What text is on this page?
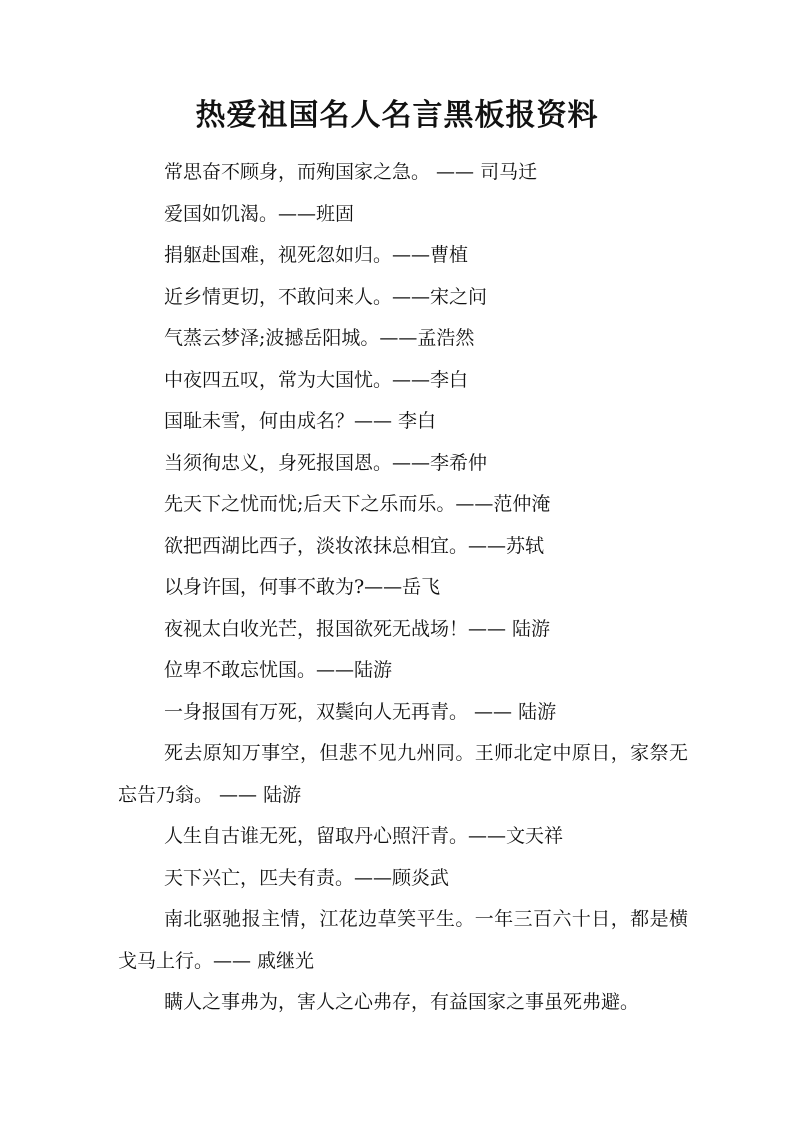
热爱祖国名人名言黑板报资料

常思奋不顾身，而殉国家之急。 —— 司马迁

爱国如饥渴。——班固

捐躯赴国难，视死忽如归。——曹植

近乡情更切，不敢问来人。——宋之问

气蒸云梦泽;波撼岳阳城。——孟浩然

中夜四五叹，常为大国忧。——李白

国耻未雪，何由成名？—— 李白

当须徇忠义，身死报国恩。——李希仲

先天下之忧而忧;后天下之乐而乐。——范仲淹

欲把西湖比西子，淡妆浓抹总相宜。——苏轼

以身许国，何事不敢为?——岳飞

夜视太白收光芒，报国欲死无战场！—— 陆游

位卑不敢忘忧国。——陆游

一身报国有万死，双鬓向人无再青。 —— 陆游

死去原知万事空，但悲不见九州同。王师北定中原日，家祭无忘告乃翁。 —— 陆游

人生自古谁无死，留取丹心照汗青。——文天祥

天下兴亡，匹夫有责。——顾炎武

南北驱驰报主情，江花边草笑平生。一年三百六十日，都是横戈马上行。—— 戚继光

瞒人之事弗为，害人之心弗存，有益国家之事虽死弗避。
